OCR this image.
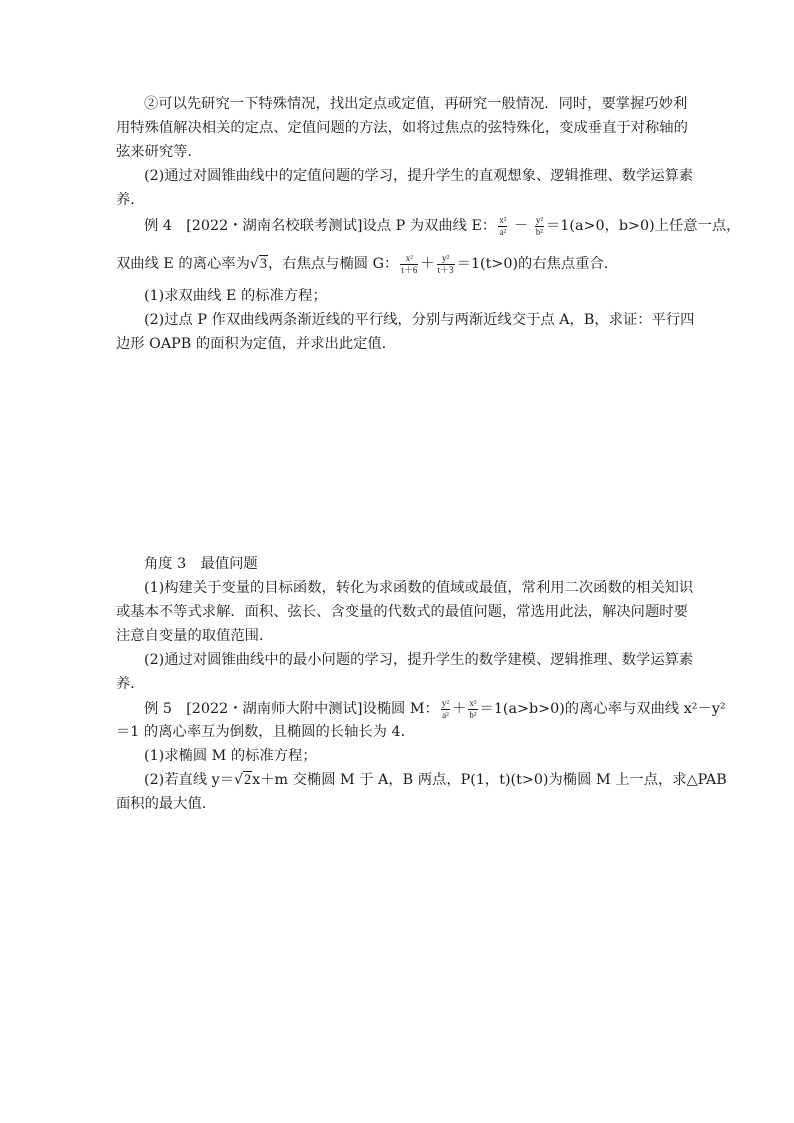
②可以先研究一下特殊情况，找出定点或定值，再研究一般情况．同时，要掌握巧妙利
用特殊值解决相关的定点、定值问题的方法，如将过焦点的弦特殊化，变成垂直于对称轴的
弦来研究等．
(2)通过对圆锥曲线中的定值问题的学习，提升学生的直观想象、逻辑推理、数学运算素
养．
例 4　[2022・湖南名校联考测试]设点 P 为双曲线 E： $\frac{\text{x²}}{\text{a²}} - \frac{\text{y²}}{\text{b²}} =1(a>0$，b>0)上任意一点，
双曲线 E 的离心率为√3，右焦点与椭圆 G： $\frac{\text{x²}}{t+6} + \frac{\text{y²}}{t+3} =1(t>0)$的右焦点重合．
(1)求双曲线 E 的标准方程；
(2)过点 P 作双曲线两条渐近线的平行线，分别与两渐近线交于点 A，B，求证：平行四
边形 OAPB 的面积为定值，并求出此定值．
角度 3　最值问题
(1)构建关于变量的目标函数，转化为求函数的值域或最值，常利用二次函数的相关知识
或基本不等式求解．面积、弦长、含变量的代数式的最值问题，常选用此法，解决问题时要
注意自变量的取值范围．
(2)通过对圆锥曲线中的最小问题的学习，提升学生的数学建模、逻辑推理、数学运算素
养．
例 5　[2022・湖南师大附中测试]设椭圆 M： $\frac{\text{y²}}{\text{a²}} + \frac{\text{x²}}{\text{b²}} =1(a>b>0)$的离心率与双曲线 x²－y²
＝1 的离心率互为倒数，且椭圆的长轴长为 4．
(1)求椭圆 M 的标准方程；
(2)若直线 y＝√2x＋m 交椭圆 M 于 A，B 两点，P(1，t)(t>0)为椭圆 M 上一点，求△PAB
面积的最大值．
